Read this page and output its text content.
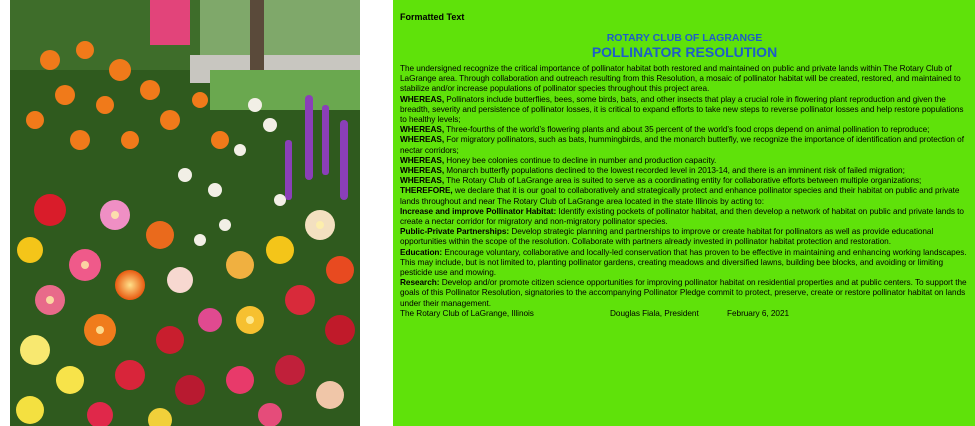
Formatted Text
ROTARY CLUB OF LAGRANGE
POLLINATOR RESOLUTION

The undersigned recognize the critical importance of pollinator habitat both restored and maintained on public and private lands within The Rotary Club of LaGrange area. Through collaboration and outreach resulting from this Resolution, a mosaic of pollinator habitat will be created, restored, and maintained to stabilize and/or increase populations of pollinator species throughout this project area.

WHEREAS, Pollinators include butterflies, bees, some birds, bats, and other insects that play a crucial role in flowering plant reproduction and given the breadth, severity and persistence of pollinator losses, it is critical to expand efforts to take new steps to reverse pollinator losses and help restore populations to healthy levels;

WHEREAS, Three-fourths of the world’s flowering plants and about 35 percent of the world’s food crops depend on animal pollination to reproduce;

WHEREAS, For migratory pollinators, such as bats, hummingbirds, and the monarch butterfly, we recognize the importance of identification and protection of nectar corridors;

WHEREAS, Honey bee colonies continue to decline in number and production capacity.

WHEREAS, Monarch butterfly populations declined to the lowest recorded level in 2013-14, and there is an imminent risk of failed migration;

WHEREAS, The Rotary Club of LaGrange area is suited to serve as a coordinating entity for collaborative efforts between multiple organizations;

THEREFORE, we declare that it is our goal to collaboratively and strategically protect and enhance pollinator species and their habitat on public and private lands throughout and near The Rotary Club of LaGrange area located in the state Illinois by acting to:

Increase and improve Pollinator Habitat: Identify existing pockets of pollinator habitat, and then develop a network of habitat on public and private lands to create a nectar corridor for migratory and non-migratory pollinator species.

Public-Private Partnerships: Develop strategic planning and partnerships to improve or create habitat for pollinators as well as provide educational opportunities within the scope of the resolution. Collaborate with partners already invested in pollinator habitat protection and restoration.

Education: Encourage voluntary, collaborative and locally-led conservation that has proven to be effective in maintaining and enhancing working landscapes. This may include, but is not limited to, planting pollinator gardens, creating meadows and diversified lawns, building bee blocks, and avoiding or limiting pesticide use and mowing.

Research: Develop and/or promote citizen science opportunities for improving pollinator habitat on residential properties and at public centers. To support the goals of this Pollinator Resolution, signatories to the accompanying Pollinator Pledge commit to protect, preserve, create or restore pollinator habitat on lands under their management.

The Rotary Club of LaGrange, Illinois	Douglas Fiala, President	February 6, 2021
